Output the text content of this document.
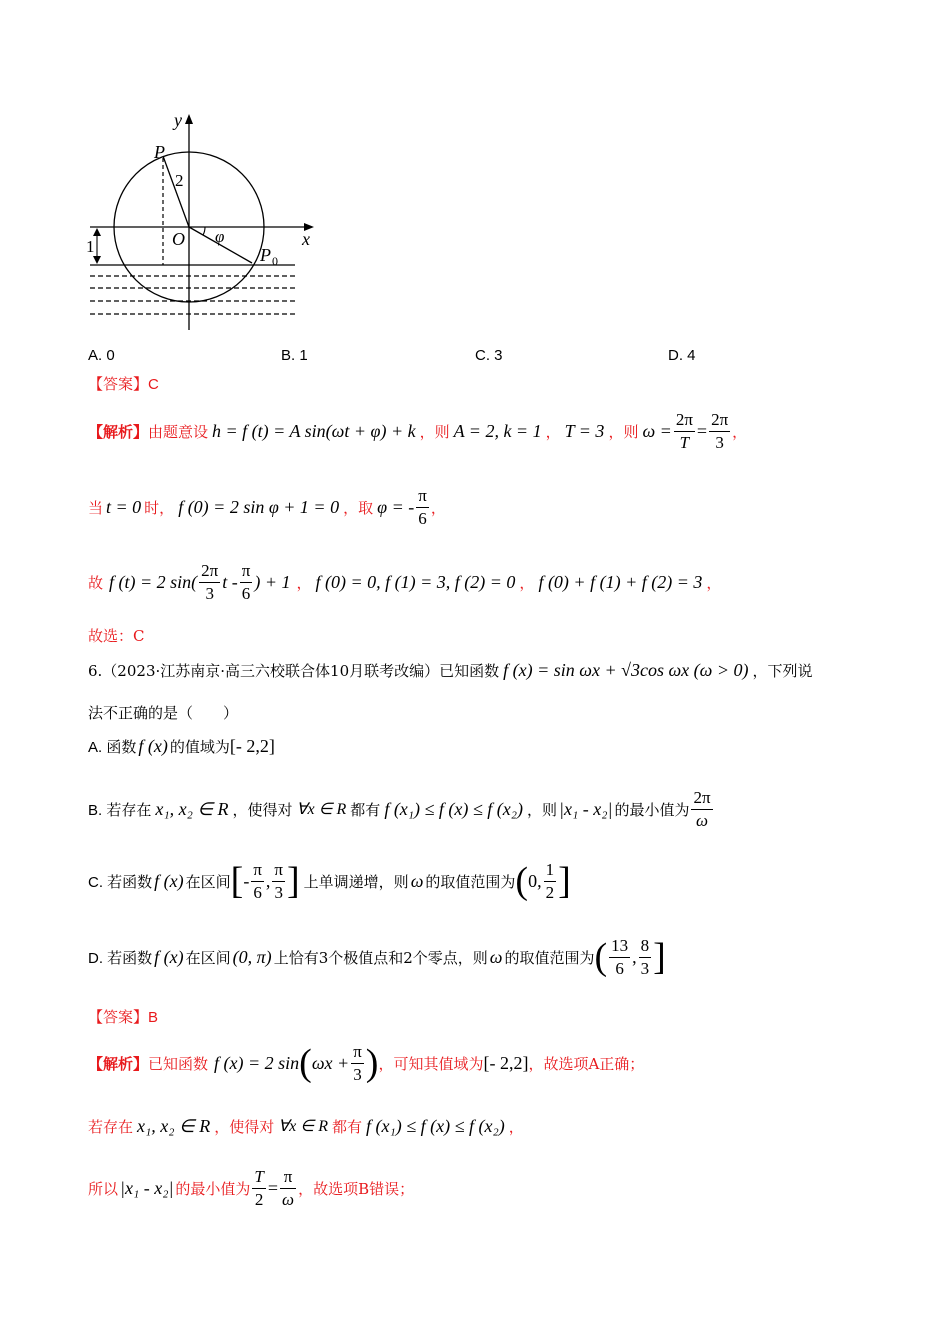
y
x
P
2
O φ
P 0
1
A. 0	B. 1	C. 3	D. 4
【答案】C
【解析】 由题意设 h = f (t) = A sin(ωt + φ) + k ，则 A = 2, k = 1 ， T = 3 ，则 $\omega = \frac{2\pi}{T} = \frac{2\pi}{3}$ ，
当 t = 0 时， f (0) = 2 sin φ + 1 = 0 ，取 φ = - $\frac{\pi}{6}$ ，
故 f (t) = 2 $\sin( \frac{2\pi}{3}$ t - $\frac{\pi}{6}$ ) + 1 ， f (0) = 0, f (1) = 3, f (2) = 0 ， f (0) + f (1) + f (2) = 3 ，
故选：C
6.（2023·江苏南京·高三六校联合体10月联考改编）已知函数 f (x) = sin ωx + √3cos ωx (ω > 0) ，下列说
法不正确的是（　　）
A. 函数 f (x) 的值域为 [- 2,2]
B. 若存在 x₁, x₂ ∈ R ，使得对 ∀x ∈ R 都有 f (x₁) ≤ f (x) ≤ f (x₂) ，则 |x₁ - x₂| 的最小值为 $\frac{2\pi}{\omega}$
C. 若函数 f (x) 在区间 [ - $\frac{\pi}{6}$ , $\frac{\pi}{3}$ ] 上单调递增，则 ω 的取值范围为 ( 0, $\frac{1}{2}$ ]
D. 若函数 f (x) 在区间 (0, π) 上恰有3个极值点和2个零点，则 ω 的取值范围为 ( $\frac{13}{6}$ , $\frac{8}{3}$ ]
【答案】B
【解析】 已知函数 f (x) = 2 sin ( $\omega x + \frac{\pi}{3}$ ) ，可知其值域为 [- 2,2] ，故选项A正确；
若存在 x₁, x₂ ∈ R ，使得对 ∀x ∈ R 都有 f (x₁) ≤ f (x) ≤ f (x₂) ，
所以 |x₁ - x₂| 的最小值为 $\frac{T}{2} = \frac{\pi}{\omega}$ ，故选项B错误；
